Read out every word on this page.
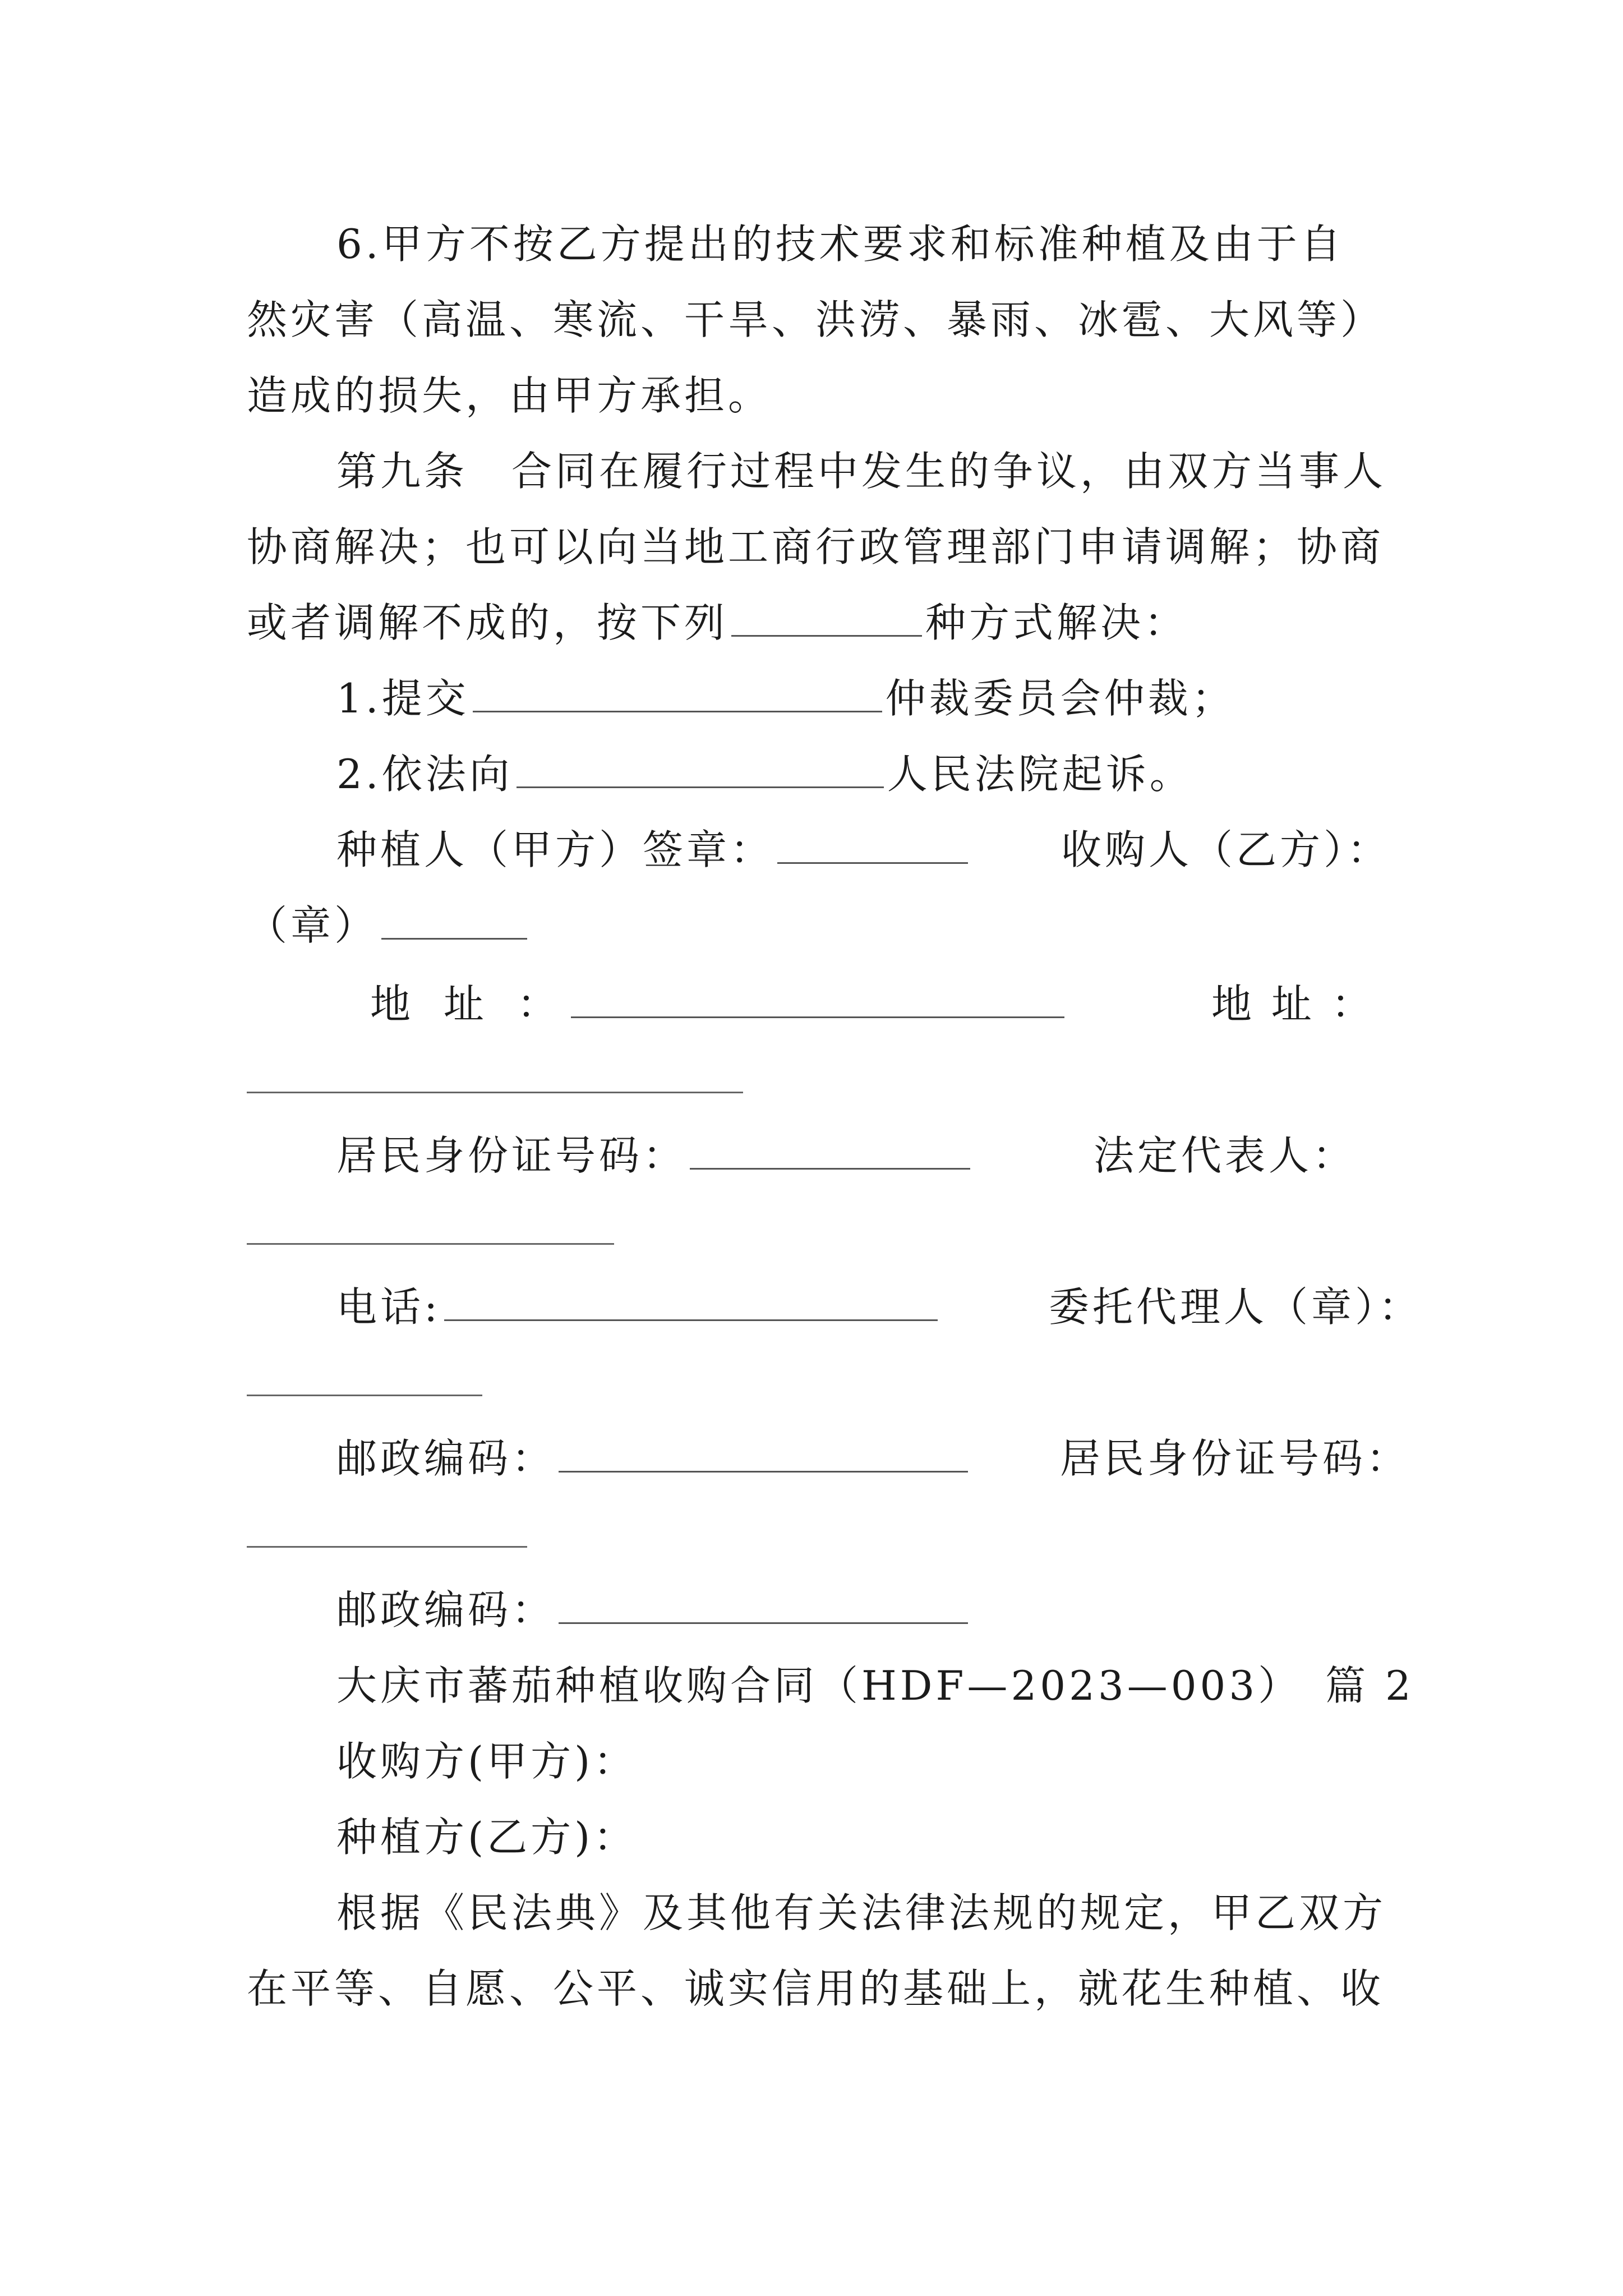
6.甲方不按乙方提出的技术要求和标准种植及由于自
然灾害（高温、寒流、干旱、洪涝、暴雨、冰雹、大风等）
造成的损失，由甲方承担。
第九条　合同在履行过程中发生的争议，由双方当事人
协商解决；也可以向当地工商行政管理部门申请调解；协商
或者调解不成的，按下列	种方式解决：
1.提交	仲裁委员会仲裁；
2.依法向	人民法院起诉。
种植人（甲方）签章：	收购人（乙方）：
（章）
地 址 ：	地 址 ：
居民身份证号码：	法定代表人：
电话:	委托代理人（章）：
邮政编码：	居民身份证号码：
邮政编码：
大庆市蕃茄种植收购合同（HDF—2023—003）　篇 2
收购方(甲方)：
种植方(乙方)：
根据《民法典》及其他有关法律法规的规定，甲乙双方
在平等、自愿、公平、诚实信用的基础上，就花生种植、收
